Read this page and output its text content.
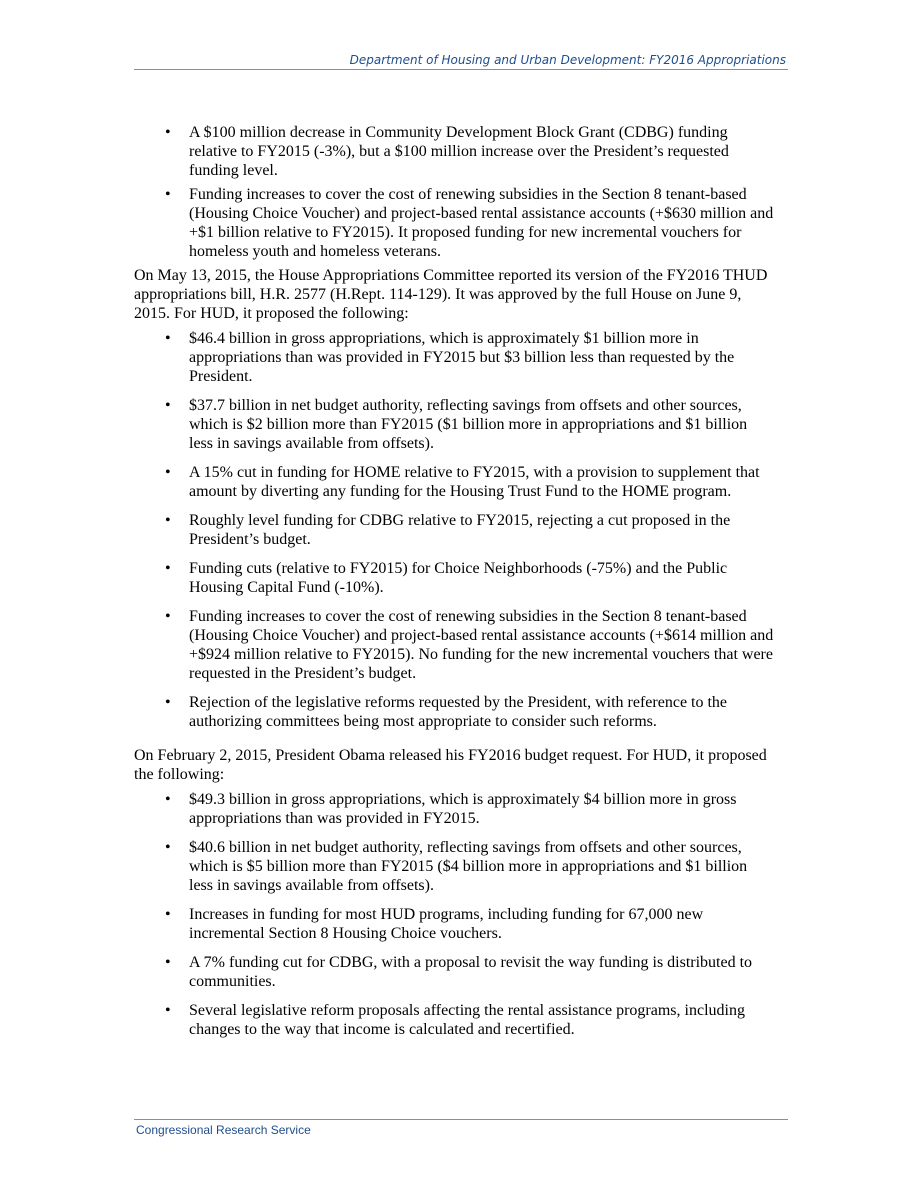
Department of Housing and Urban Development: FY2016 Appropriations
• A $100 million decrease in Community Development Block Grant (CDBG) funding relative to FY2015 (-3%), but a $100 million increase over the President’s requested funding level.
• Funding increases to cover the cost of renewing subsidies in the Section 8 tenant-based (Housing Choice Voucher) and project-based rental assistance accounts (+$630 million and +$1 billion relative to FY2015). It proposed funding for new incremental vouchers for homeless youth and homeless veterans.

On May 13, 2015, the House Appropriations Committee reported its version of the FY2016 THUD appropriations bill, H.R. 2577 (H.Rept. 114-129). It was approved by the full House on June 9, 2015. For HUD, it proposed the following:

• $46.4 billion in gross appropriations, which is approximately $1 billion more in appropriations than was provided in FY2015 but $3 billion less than requested by the President.
• $37.7 billion in net budget authority, reflecting savings from offsets and other sources, which is $2 billion more than FY2015 ($1 billion more in appropriations and $1 billion less in savings available from offsets).
• A 15% cut in funding for HOME relative to FY2015, with a provision to supplement that amount by diverting any funding for the Housing Trust Fund to the HOME program.
• Roughly level funding for CDBG relative to FY2015, rejecting a cut proposed in the President’s budget.
• Funding cuts (relative to FY2015) for Choice Neighborhoods (-75%) and the Public Housing Capital Fund (-10%).
• Funding increases to cover the cost of renewing subsidies in the Section 8 tenant-based (Housing Choice Voucher) and project-based rental assistance accounts (+$614 million and +$924 million relative to FY2015). No funding for the new incremental vouchers that were requested in the President’s budget.
• Rejection of the legislative reforms requested by the President, with reference to the authorizing committees being most appropriate to consider such reforms.

On February 2, 2015, President Obama released his FY2016 budget request. For HUD, it proposed the following:

• $49.3 billion in gross appropriations, which is approximately $4 billion more in gross appropriations than was provided in FY2015.
• $40.6 billion in net budget authority, reflecting savings from offsets and other sources, which is $5 billion more than FY2015 ($4 billion more in appropriations and $1 billion less in savings available from offsets).
• Increases in funding for most HUD programs, including funding for 67,000 new incremental Section 8 Housing Choice vouchers.
• A 7% funding cut for CDBG, with a proposal to revisit the way funding is distributed to communities.
• Several legislative reform proposals affecting the rental assistance programs, including changes to the way that income is calculated and recertified.
Congressional Research Service
